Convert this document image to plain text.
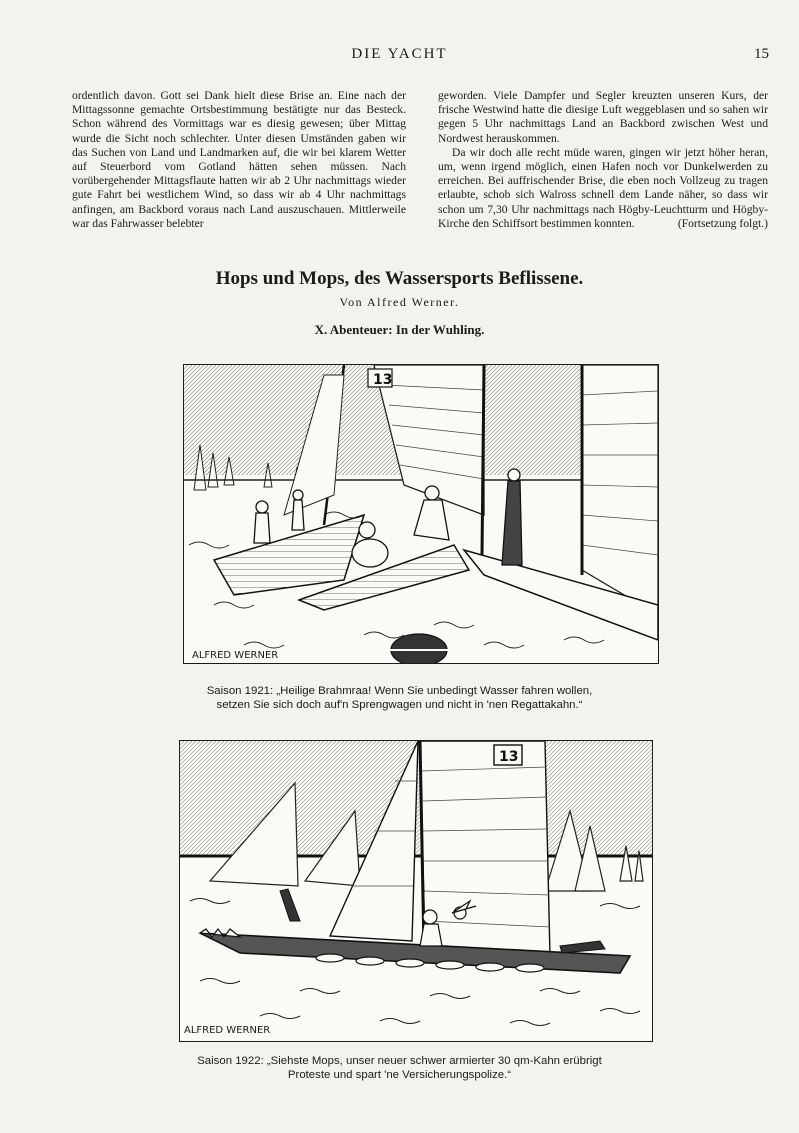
DIE YACHT	15

ordentlich davon. Gott sei Dank hielt diese Brise an. Eine nach der Mittagssonne gemachte Ortsbestimmung bestätigte nur das Besteck. Schon während des Vormittags war es diesig gewesen; über Mittag wurde die Sicht noch schlechter. Unter diesen Umständen gaben wir das Suchen von Land und Landmarken auf, die wir bei klarem Wetter auf Steuerbord vom Gotland hätten sehen müssen. Nach vorübergehender Mittagsflaute hatten wir ab 2 Uhr nachmittags wieder gute Fahrt bei westlichem Wind, so dass wir ab 4 Uhr nachmittags anfingen, am Backbord voraus nach Land auszuschauen. Mittlerweile war das Fahrwasser belebter

geworden. Viele Dampfer und Segler kreuzten unseren Kurs, der frische Westwind hatte die diesige Luft weggeblasen und so sahen wir gegen 5 Uhr nachmittags Land an Backbord zwischen West und Nordwest herauskommen.

Da wir doch alle recht müde waren, gingen wir jetzt höher heran, um, wenn irgend möglich, einen Hafen noch vor Dunkelwerden zu erreichen. Bei auffrischender Brise, die eben noch Vollzeug zu tragen erlaubte, schob sich Walross schnell dem Lande näher, so dass wir schon um 7,30 Uhr nachmittags nach Högby-Leuchtturm und Högby-Kirche den Schiffsort bestimmen konnten.	(Fortsetzung folgt.)

Hops und Mops, des Wassersports Beflissene.
Von Alfred Werner.
X. Abenteuer: In der Wuhling.
13
ALFRED WERNER
Saison 1921: „Heilige Brahmraa! Wenn Sie unbedingt Wasser fahren wollen,
setzen Sie sich doch auf'n Sprengwagen und nicht in 'nen Regattakahn.“
13
ALFRED WERNER
Saison 1922: „Siehste Mops, unser neuer schwer armierter 30 qm-Kahn erübrigt
Proteste und spart 'ne Versicherungspolize.“
